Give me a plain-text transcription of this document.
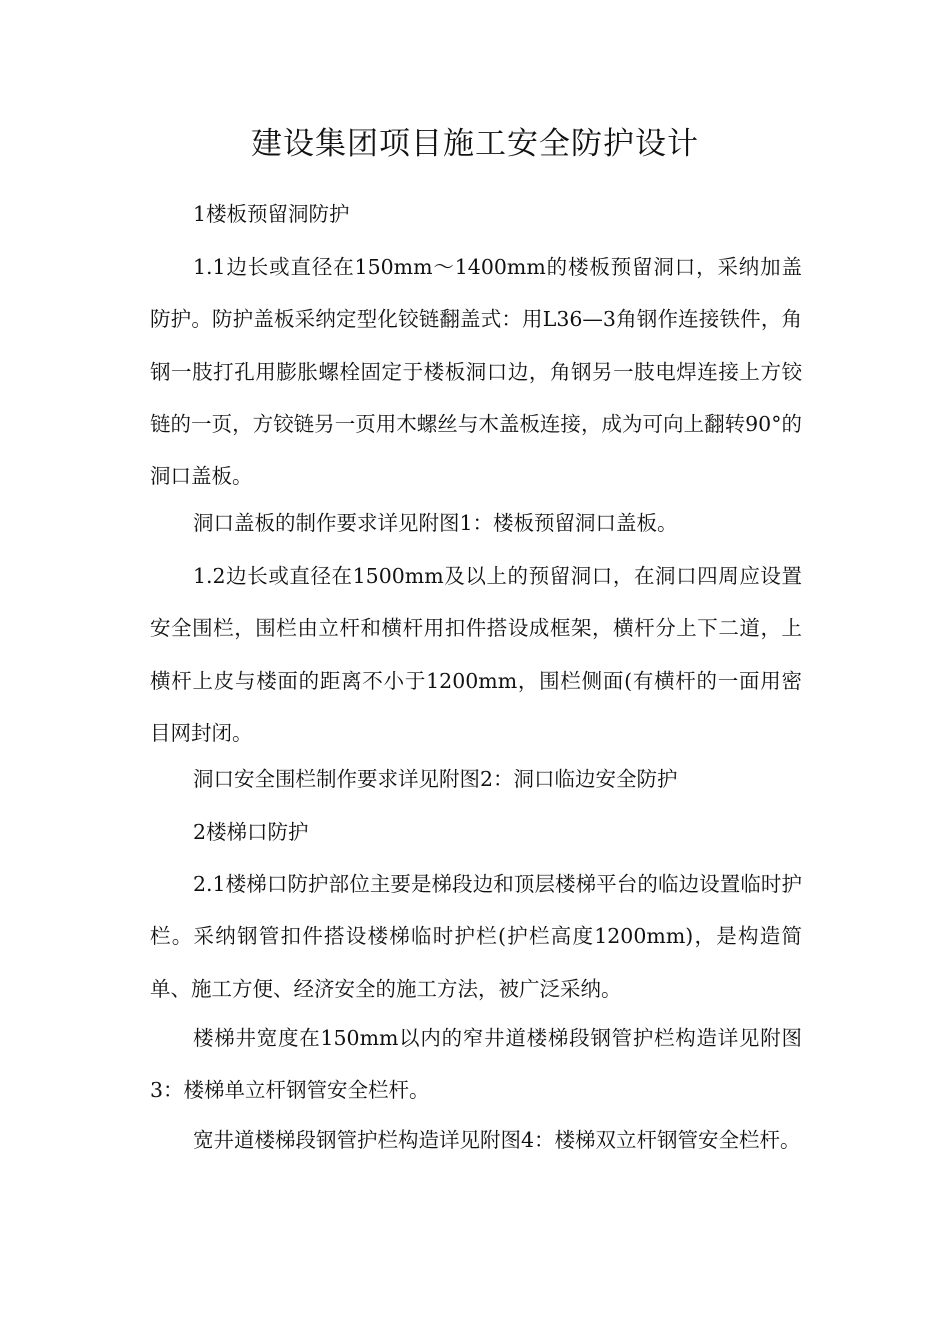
建设集团项目施工安全防护设计
1楼板预留洞防护
1.1边长或直径在150mm～1400mm的楼板预留洞口，采纳加盖防护。防护盖板采纳定型化铰链翻盖式：用L36—3角钢作连接铁件，角钢一肢打孔用膨胀螺栓固定于楼板洞口边，角钢另一肢电焊连接上方铰链的一页，方铰链另一页用木螺丝与木盖板连接，成为可向上翻转90°的洞口盖板。
洞口盖板的制作要求详见附图1：楼板预留洞口盖板。
1.2边长或直径在1500mm及以上的预留洞口，在洞口四周应设置安全围栏，围栏由立杆和横杆用扣件搭设成框架，横杆分上下二道，上横杆上皮与楼面的距离不小于1200mm，围栏侧面(有横杆的一面用密目网封闭。
洞口安全围栏制作要求详见附图2：洞口临边安全防护
2楼梯口防护
2.1楼梯口防护部位主要是梯段边和顶层楼梯平台的临边设置临时护栏。采纳钢管扣件搭设楼梯临时护栏(护栏高度1200mm)，是构造简单、施工方便、经济安全的施工方法，被广泛采纳。
楼梯井宽度在150mm以内的窄井道楼梯段钢管护栏构造详见附图3：楼梯单立杆钢管安全栏杆。
宽井道楼梯段钢管护栏构造详见附图4：楼梯双立杆钢管安全栏杆。
